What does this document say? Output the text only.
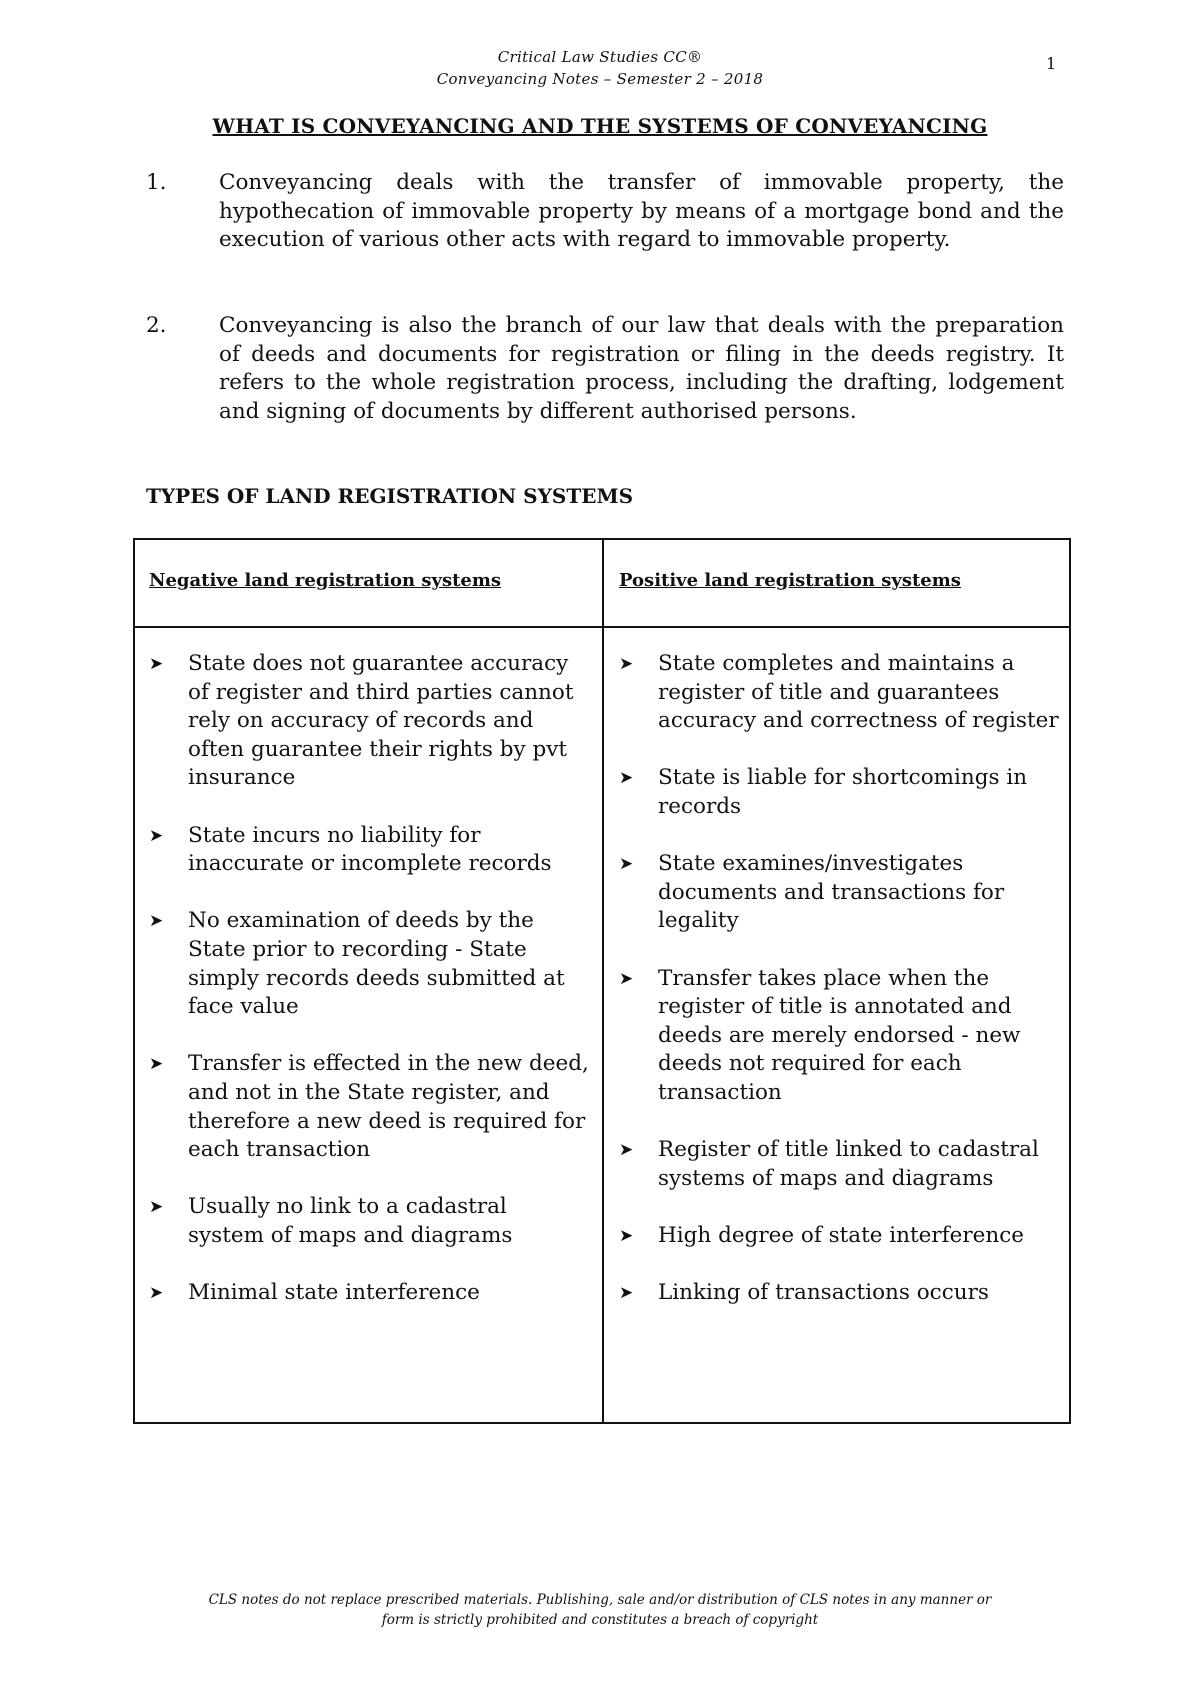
Critical Law Studies CC®
Conveyancing Notes – Semester 2 – 2018
1
WHAT IS CONVEYANCING AND THE SYSTEMS OF CONVEYANCING
1. Conveyancing deals with the transfer of immovable property, the hypothecation of immovable property by means of a mortgage bond and the execution of various other acts with regard to immovable property.
2. Conveyancing is also the branch of our law that deals with the preparation of deeds and documents for registration or filing in the deeds registry. It refers to the whole registration process, including the drafting, lodgement and signing of documents by different authorised persons.
TYPES OF LAND REGISTRATION SYSTEMS
Negative land registration systems	Positive land registration systems
➤ State does not guarantee accuracy of register and third parties cannot rely on accuracy of records and often guarantee their rights by pvt insurance
➤ State incurs no liability for inaccurate or incomplete records
➤ No examination of deeds by the State prior to recording - State simply records deeds submitted at face value
➤ Transfer is effected in the new deed, and not in the State register, and therefore a new deed is required for each transaction
➤ Usually no link to a cadastral system of maps and diagrams
➤ Minimal state interference
➤ State completes and maintains a register of title and guarantees accuracy and correctness of register
➤ State is liable for shortcomings in records
➤ State examines/investigates documents and transactions for legality
➤ Transfer takes place when the register of title is annotated and deeds are merely endorsed - new deeds not required for each transaction
➤ Register of title linked to cadastral systems of maps and diagrams
➤ High degree of state interference
➤ Linking of transactions occurs
CLS notes do not replace prescribed materials. Publishing, sale and/or distribution of CLS notes in any manner or
form is strictly prohibited and constitutes a breach of copyright
